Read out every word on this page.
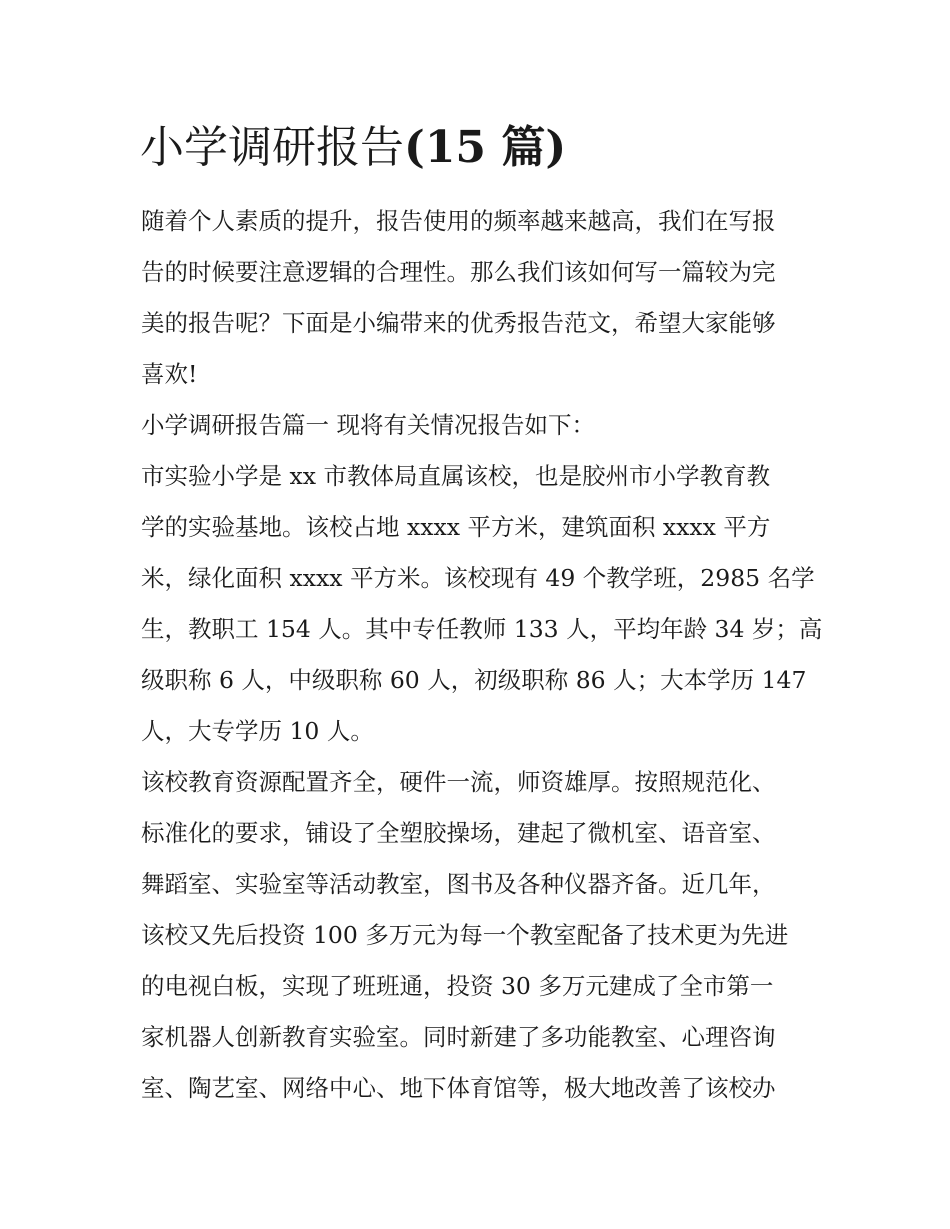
小学调研报告(15 篇)
随着个人素质的提升，报告使用的频率越来越高，我们在写报
告的时候要注意逻辑的合理性。那么我们该如何写一篇较为完
美的报告呢？下面是小编带来的优秀报告范文，希望大家能够
喜欢!
小学调研报告篇一 现将有关情况报告如下：
市实验小学是 xx 市教体局直属该校，也是胶州市小学教育教
学的实验基地。该校占地 xxxx 平方米，建筑面积 xxxx 平方
米，绿化面积 xxxx 平方米。该校现有 49 个教学班，2985 名学
生，教职工 154 人。其中专任教师 133 人，平均年龄 34 岁；高
级职称 6 人，中级职称 60 人，初级职称 86 人；大本学历 147
人，大专学历 10 人。
该校教育资源配置齐全，硬件一流，师资雄厚。按照规范化、
标准化的要求，铺设了全塑胶操场，建起了微机室、语音室、
舞蹈室、实验室等活动教室，图书及各种仪器齐备。近几年，
该校又先后投资 100 多万元为每一个教室配备了技术更为先进
的电视白板，实现了班班通，投资 30 多万元建成了全市第一
家机器人创新教育实验室。同时新建了多功能教室、心理咨询
室、陶艺室、网络中心、地下体育馆等，极大地改善了该校办
